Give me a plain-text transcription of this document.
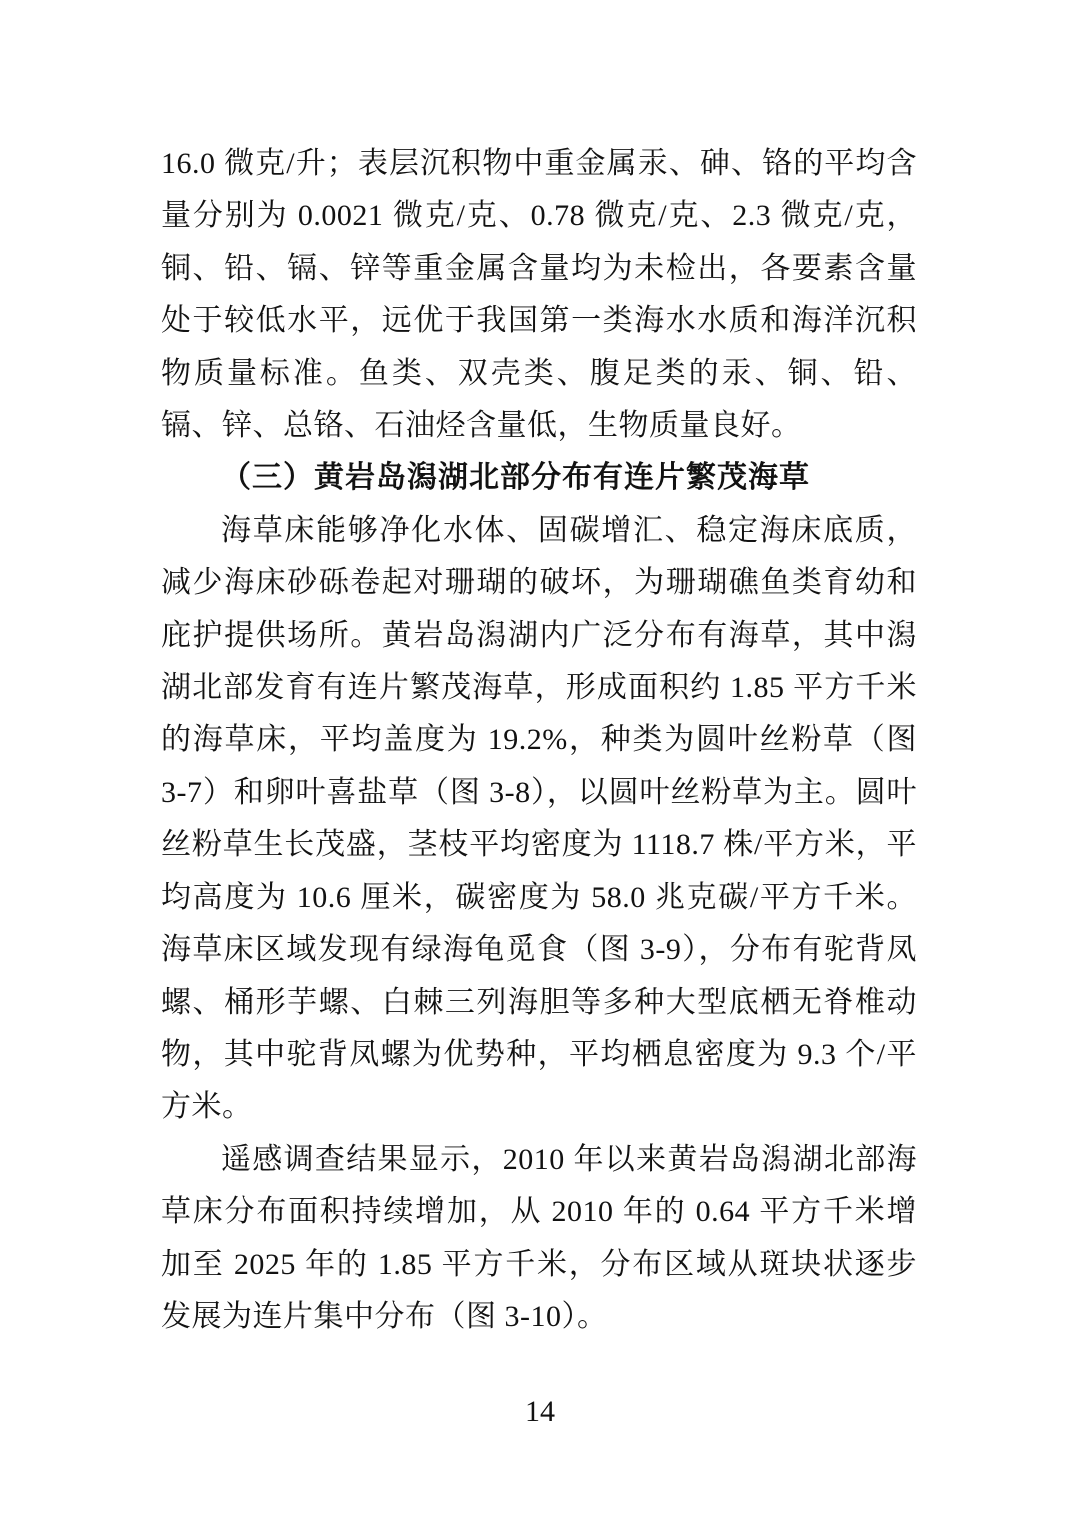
16.0 微克/升；表层沉积物中重金属汞、砷、铬的平均含量分别为 0.0021 微克/克、0.78 微克/克、2.3 微克/克，铜、铅、镉、锌等重金属含量均为未检出，各要素含量处于较低水平，远优于我国第一类海水水质和海洋沉积物质量标准。鱼类、双壳类、腹足类的汞、铜、铅、镉、锌、总铬、石油烃含量低，生物质量良好。

（三）黄岩岛潟湖北部分布有连片繁茂海草

海草床能够净化水体、固碳增汇、稳定海床底质，减少海床砂砾卷起对珊瑚的破坏，为珊瑚礁鱼类育幼和庇护提供场所。黄岩岛潟湖内广泛分布有海草，其中潟湖北部发育有连片繁茂海草，形成面积约 1.85 平方千米的海草床，平均盖度为 19.2%，种类为圆叶丝粉草（图 3-7）和卵叶喜盐草（图 3-8），以圆叶丝粉草为主。圆叶丝粉草生长茂盛，茎枝平均密度为 1118.7 株/平方米，平均高度为 10.6 厘米，碳密度为 58.0 兆克碳/平方千米。海草床区域发现有绿海龟觅食（图 3-9），分布有驼背凤螺、桶形芋螺、白棘三列海胆等多种大型底栖无脊椎动物，其中驼背凤螺为优势种，平均栖息密度为 9.3 个/平方米。

遥感调查结果显示，2010 年以来黄岩岛潟湖北部海草床分布面积持续增加，从 2010 年的 0.64 平方千米增加至 2025 年的 1.85 平方千米，分布区域从斑块状逐步发展为连片集中分布（图 3-10）。

14
